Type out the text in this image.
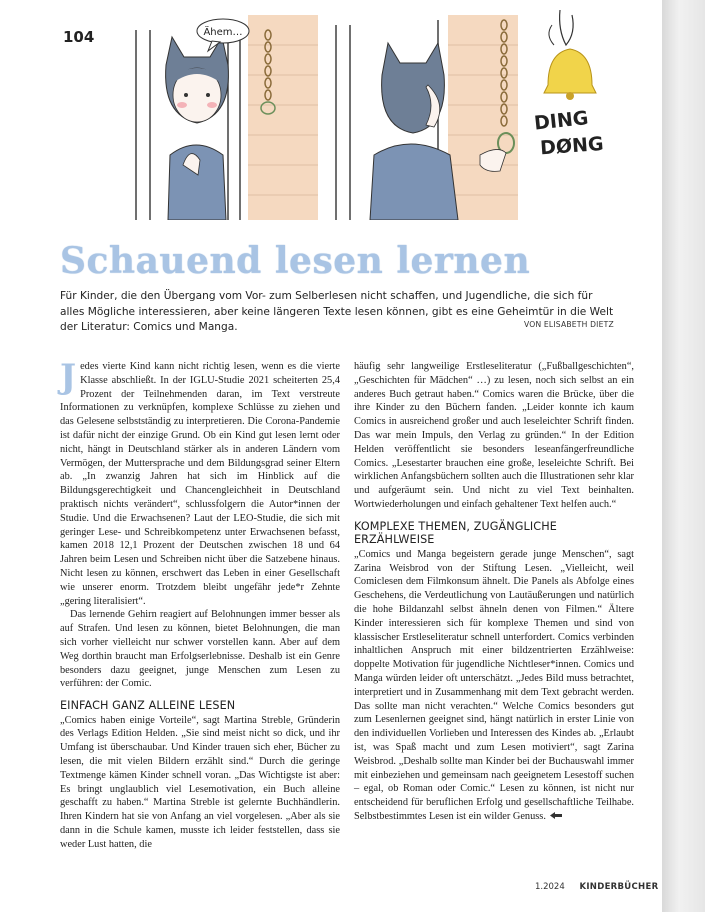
104	Ähem…
DING
DØNG
Schauend lesen lernen

Für Kinder, die den Übergang vom Vor- zum Selberlesen nicht schaffen, und Jugendliche, die sich für alles Mögliche interessieren, aber keine längeren Texte lesen können, gibt es eine Geheimtür in die Welt der Literatur: Comics und Manga.	VON ELISABETH DIETZ

Jedes vierte Kind kann nicht richtig lesen, wenn es die vierte Klasse abschließt. In der IGLU-Studie 2021 scheiterten 25,4 Prozent der Teilnehmenden daran, im Text verstreute Informationen zu verknüpfen, komplexe Schlüsse zu ziehen und das Gelesene selbstständig zu interpretieren. Die Corona-Pandemie ist dafür nicht der einzige Grund. Ob ein Kind gut lesen lernt oder nicht, hängt in Deutschland stärker als in anderen Ländern vom Vermögen, der Muttersprache und dem Bildungsgrad seiner Eltern ab. „In zwanzig Jahren hat sich im Hinblick auf die Bildungsgerechtigkeit und Chancengleichheit in Deutschland praktisch nichts verändert“, schlussfolgern die Autor*innen der Studie. Und die Erwachsenen? Laut der LEO-Studie, die sich mit geringer Lese- und Schreibkompetenz unter Erwachsenen befasst, kamen 2018 12,1 Prozent der Deutschen zwischen 18 und 64 Jahren beim Lesen und Schreiben nicht über die Satzebene hinaus. Nicht lesen zu können, erschwert das Leben in einer Gesellschaft wie unserer enorm. Trotzdem bleibt ungefähr jede*r Zehnte „gering literalisiert“.

Das lernende Gehirn reagiert auf Belohnungen immer besser als auf Strafen. Und lesen zu können, bietet Belohnungen, die man sich vorher vielleicht nur schwer vorstellen kann. Aber auf dem Weg dorthin braucht man Erfolgserlebnisse. Deshalb ist ein Genre besonders dazu geeignet, junge Menschen zum Lesen zu verführen: der Comic.

EINFACH GANZ ALLEINE LESEN

„Comics haben einige Vorteile“, sagt Martina Streble, Gründerin des Verlags Edition Helden. „Sie sind meist nicht so dick, und ihr Umfang ist überschaubar. Und Kinder trauen sich eher, Bücher zu lesen, die mit vielen Bildern erzählt sind.“ Durch die geringe Textmenge kämen Kinder schnell voran. „Das Wichtigste ist aber: Es bringt unglaublich viel Lesemotivation, ein Buch alleine geschafft zu haben.“ Martina Streble ist gelernte Buchhändlerin. Ihren Kindern hat sie von Anfang an viel vorgelesen. „Aber als sie dann in die Schule kamen, musste ich leider feststellen, dass sie weder Lust hatten, die

häufig sehr langweilige Erstleseliteratur („Fußballgeschichten“, „Geschichten für Mädchen“ …) zu lesen, noch sich selbst an ein anderes Buch getraut haben.“ Comics waren die Brücke, über die ihre Kinder zu den Büchern fanden. „Leider konnte ich kaum Comics in ausreichend großer und auch leseleichter Schrift finden. Das war mein Impuls, den Verlag zu gründen.“ In der Edition Helden veröffentlicht sie besonders leseanfängerfreundliche Comics. „Lesestarter brauchen eine große, leseleichte Schrift. Bei wirklichen Anfangsbüchern sollten auch die Illustrationen sehr klar und aufgeräumt sein. Und nicht zu viel Text beinhalten. Wortwiederholungen und einfach gehaltener Text helfen auch.“

KOMPLEXE THEMEN, ZUGÄNGLICHE ERZÄHLWEISE

„Comics und Manga begeistern gerade junge Menschen“, sagt Zarina Weisbrod von der Stiftung Lesen. „Vielleicht, weil Comiclesen dem Filmkonsum ähnelt. Die Panels als Abfolge eines Geschehens, die Verdeutlichung von Lautäußerungen und natürlich die hohe Bildanzahl selbst ähneln denen von Filmen.“ Ältere Kinder interessieren sich für komplexe Themen und sind von klassischer Erstleseliteratur schnell unterfordert. Comics verbinden inhaltlichen Anspruch mit einer bildzentrierten Erzählweise: doppelte Motivation für jugendliche Nichtleser*innen. Comics und Manga würden leider oft unterschätzt. „Jedes Bild muss betrachtet, interpretiert und in Zusammenhang mit dem Text gebracht werden. Das sollte man nicht verachten.“ Welche Comics besonders gut zum Lesenlernen geeignet sind, hängt natürlich in erster Linie von den individuellen Vorlieben und Interessen des Kindes ab. „Erlaubt ist, was Spaß macht und zum Lesen motiviert“, sagt Zarina Weisbrod. „Deshalb sollte man Kinder bei der Buchauswahl immer mit einbeziehen und gemeinsam nach geeignetem Lesestoff suchen – egal, ob Roman oder Comic.“ Lesen zu können, ist nicht nur entscheidend für beruflichen Erfolg und gesellschaftliche Teilhabe. Selbstbestimmtes Lesen ist ein wilder Genuss.

1.2024 KINDERBÜCHER
